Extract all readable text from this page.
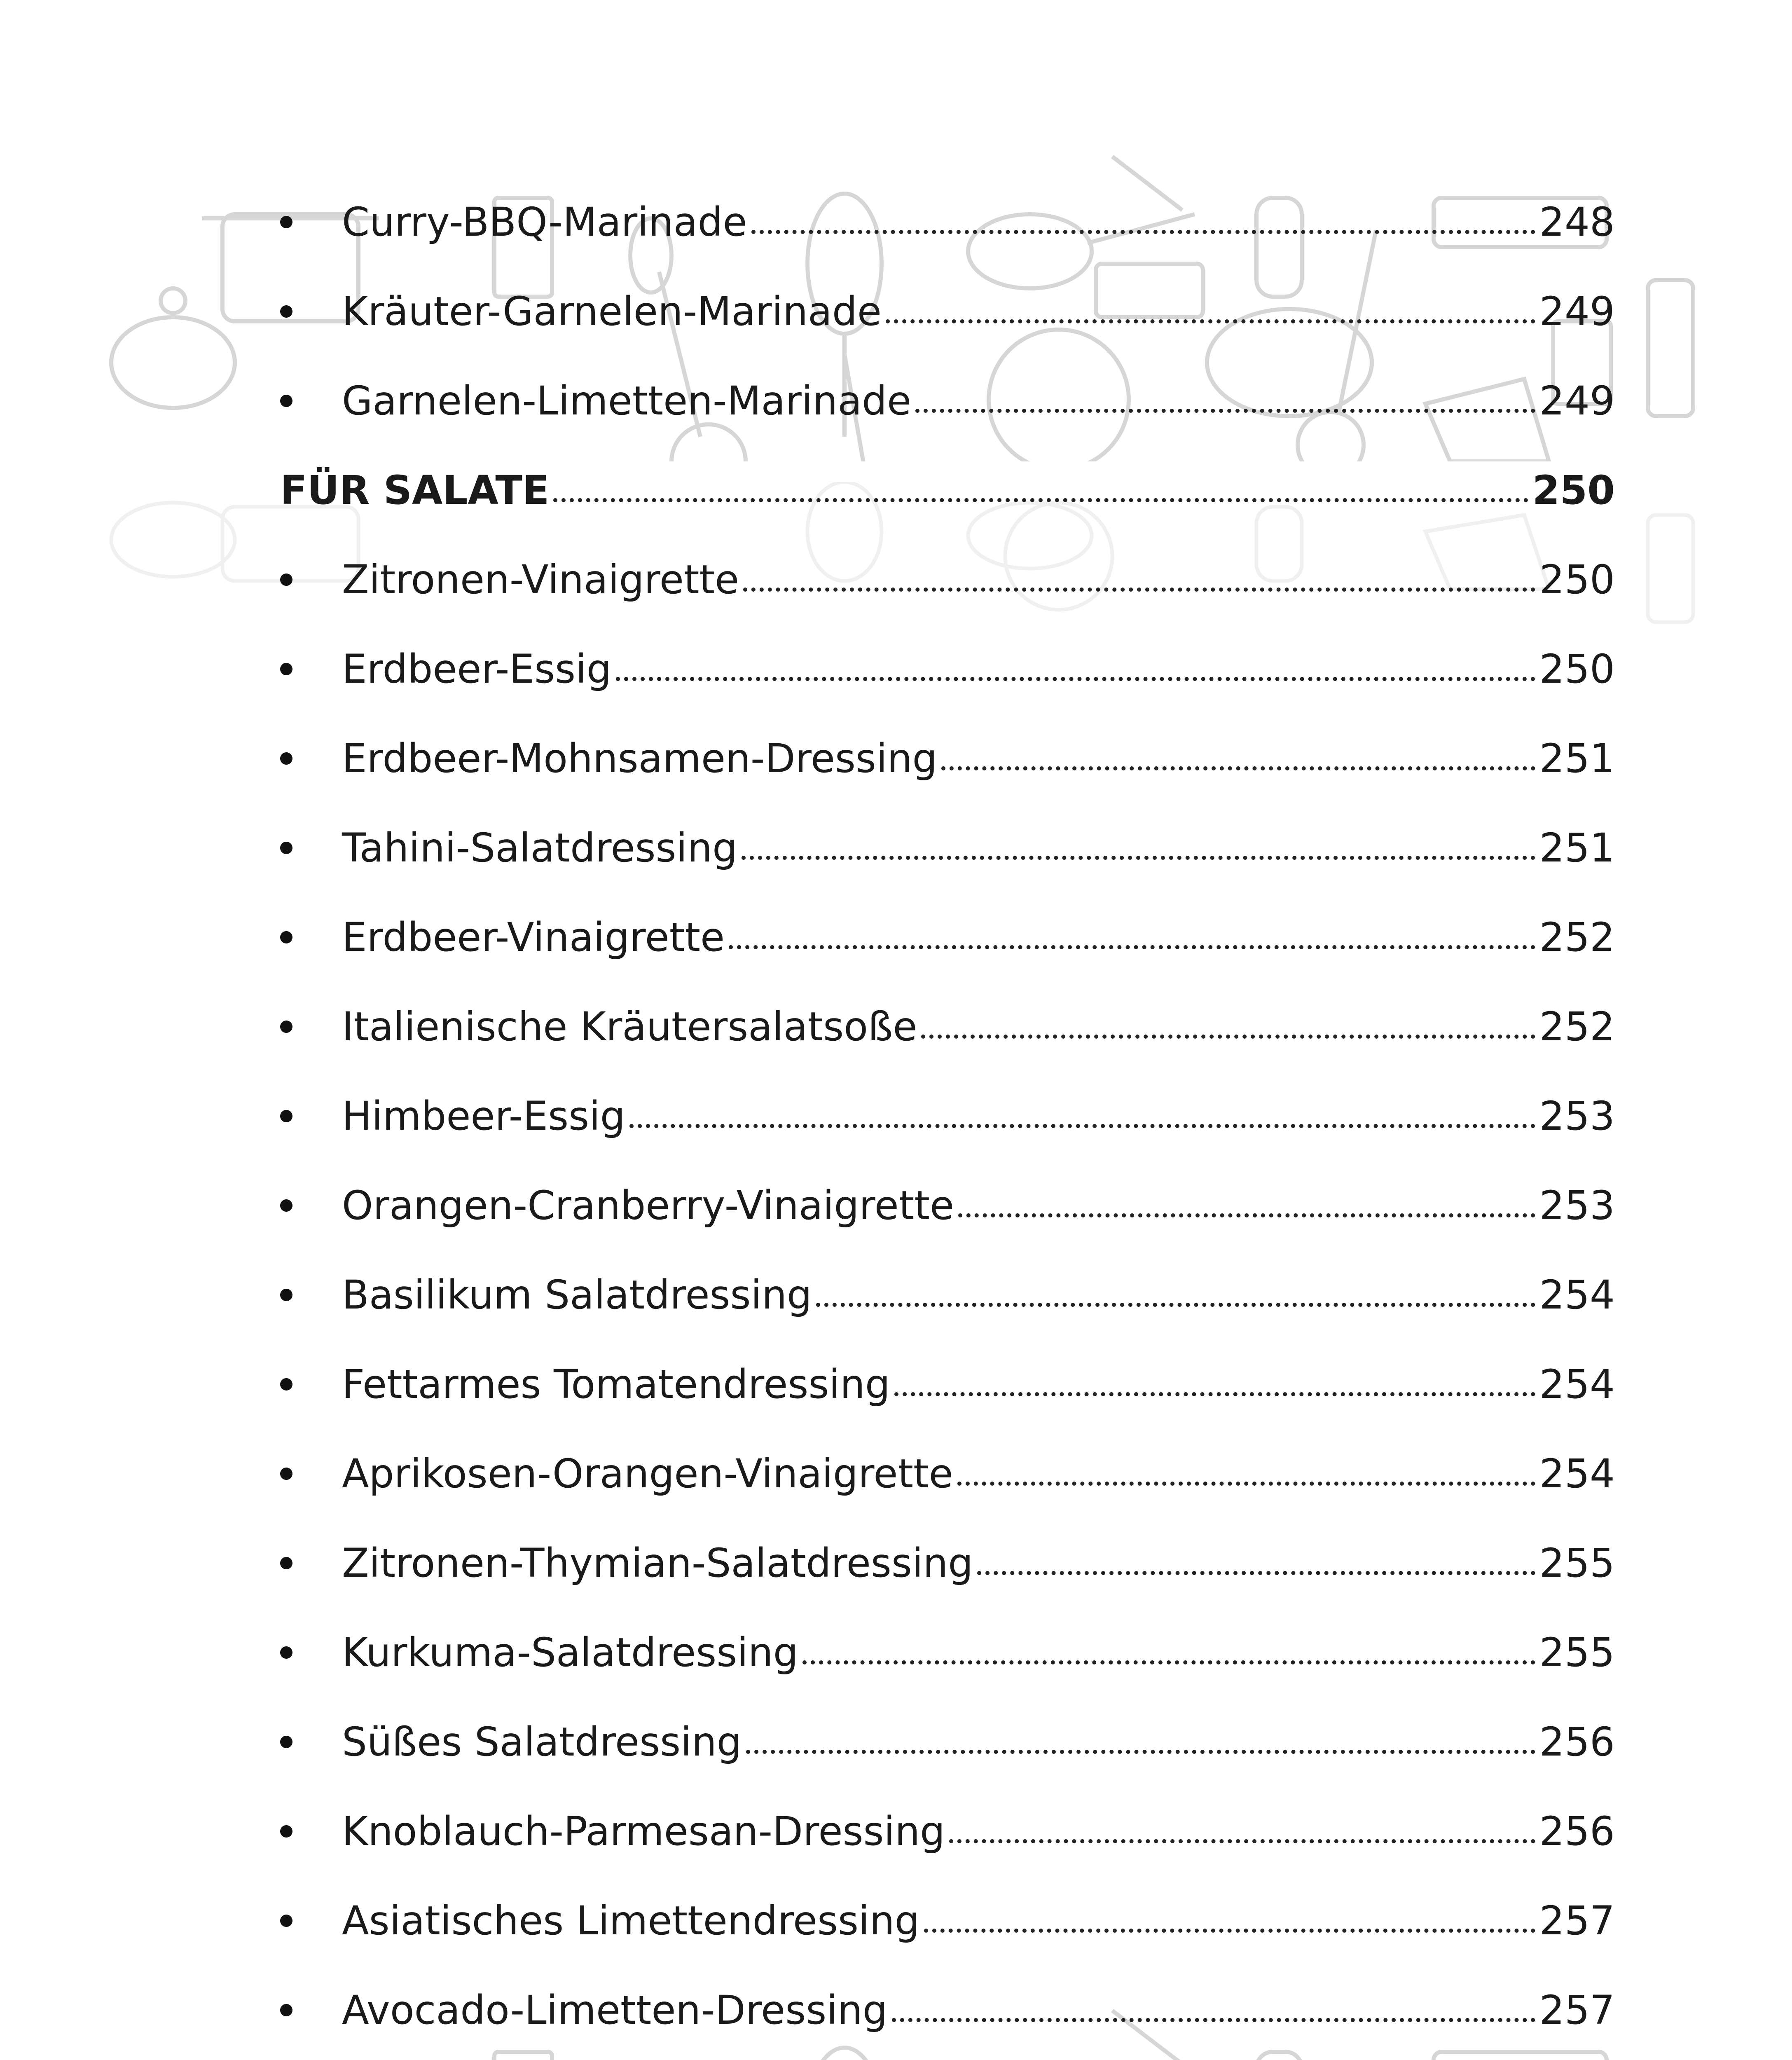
Curry-BBQ-Marinade	248
Kräuter-Garnelen-Marinade	249
Garnelen-Limetten-Marinade	249
FÜR SALATE	250
Zitronen-Vinaigrette	250
Erdbeer-Essig	250
Erdbeer-Mohnsamen-Dressing	251
Tahini-Salatdressing	251
Erdbeer-Vinaigrette	252
Italienische Kräutersalatsoße	252
Himbeer-Essig	253
Orangen-Cranberry-Vinaigrette	253
Basilikum Salatdressing	254
Fettarmes Tomatendressing	254
Aprikosen-Orangen-Vinaigrette	254
Zitronen-Thymian-Salatdressing	255
Kurkuma-Salatdressing	255
Süßes Salatdressing	256
Knoblauch-Parmesan-Dressing	256
Asiatisches Limettendressing	257
Avocado-Limetten-Dressing	257
